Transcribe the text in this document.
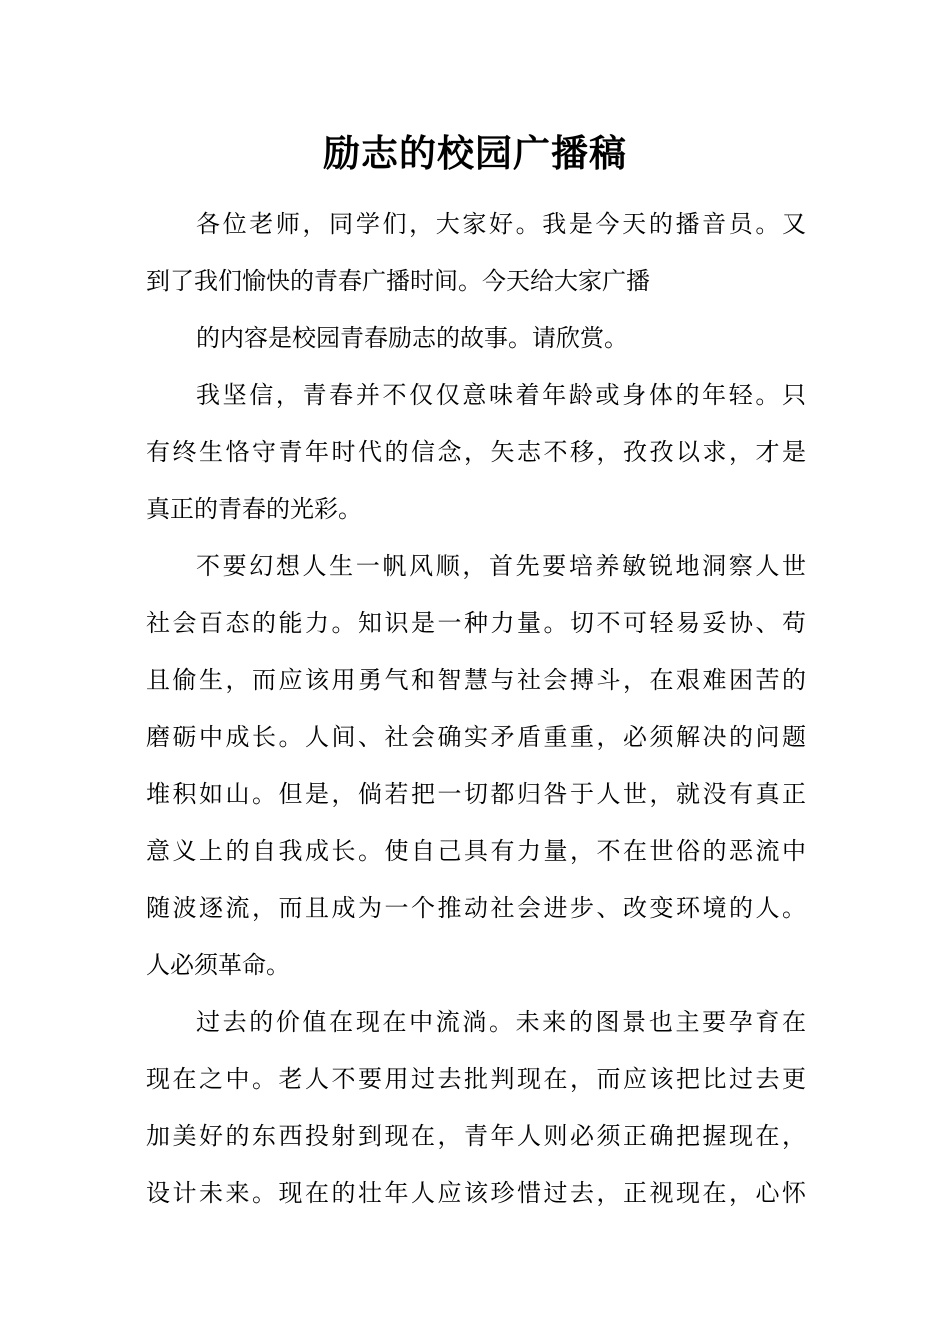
励志的校园广播稿
各位老师，同学们，大家好。我是今天的播音员。又
到了我们愉快的青春广播时间。今天给大家广播
的内容是校园青春励志的故事。请欣赏。
我坚信，青春并不仅仅意味着年龄或身体的年轻。只
有终生恪守青年时代的信念，矢志不移，孜孜以求，才是
真正的青春的光彩。
不要幻想人生一帆风顺，首先要培养敏锐地洞察人世
社会百态的能力。知识是一种力量。切不可轻易妥协、苟
且偷生，而应该用勇气和智慧与社会搏斗，在艰难困苦的
磨砺中成长。人间、社会确实矛盾重重，必须解决的问题
堆积如山。但是，倘若把一切都归咎于人世，就没有真正
意义上的自我成长。使自己具有力量，不在世俗的恶流中
随波逐流，而且成为一个推动社会进步、改变环境的人。
人必须革命。
过去的价值在现在中流淌。未来的图景也主要孕育在
现在之中。老人不要用过去批判现在，而应该把比过去更
加美好的东西投射到现在，青年人则必须正确把握现在，
设计未来。现在的壮年人应该珍惜过去，正视现在，心怀
